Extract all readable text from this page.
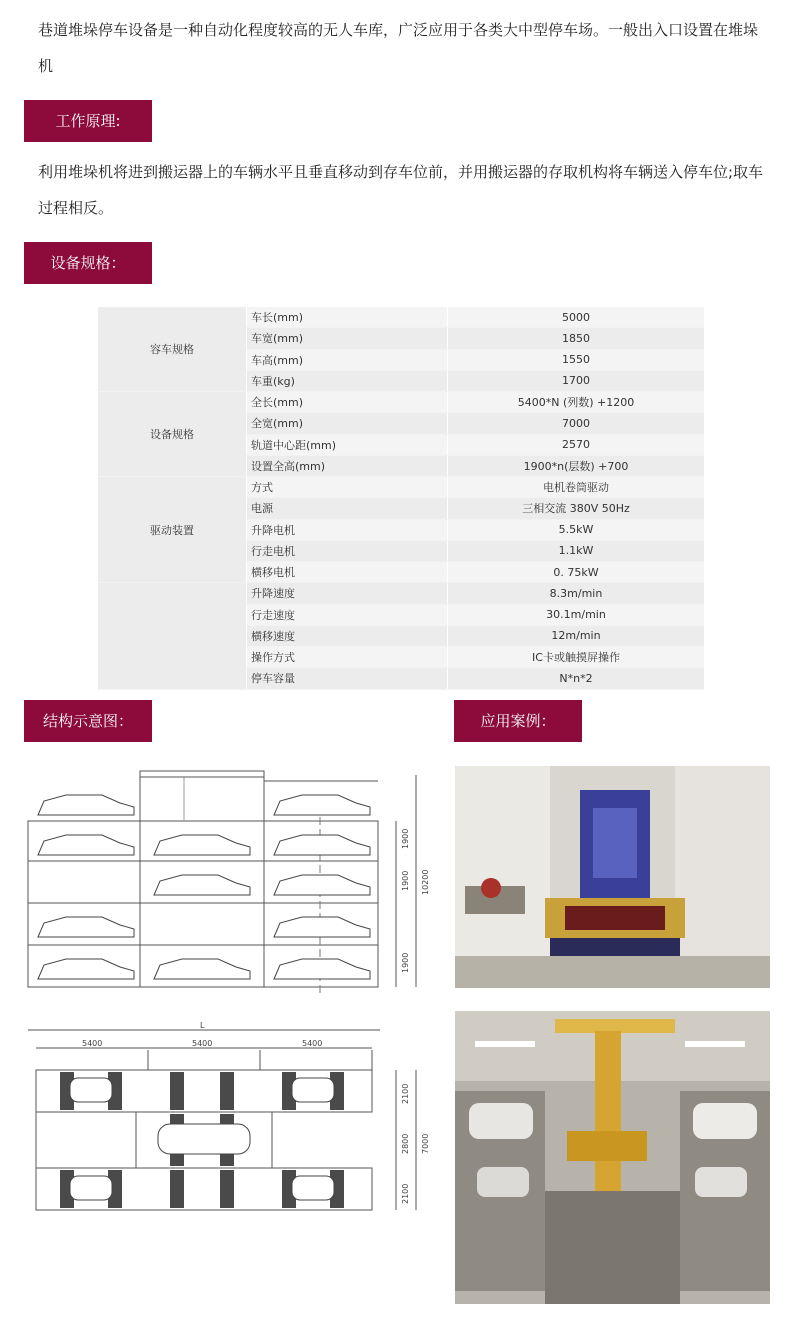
巷道堆垛停车设备是一种自动化程度较高的无人车库，广泛应用于各类大中型停车场。一般出入口设置在堆垛机
工作原理:
利用堆垛机将进到搬运器上的车辆水平且垂直移动到存车位前，并用搬运器的存取机构将车辆送入停车位;取车过程相反。
设备规格：
容车规格	车长(mm)	5000
	车宽(mm)	1850
	车高(mm)	1550
	车重(kg)	1700
设备规格	全长(mm)	5400*N (列数) +1200
	全宽(mm)	7000
	轨道中心距(mm)	2570
	设置全高(mm)	1900*n(层数) +700
驱动装置	方式	电机卷筒驱动
	电源	三相交流 380V 50Hz
	升降电机	5.5kW
	行走电机	1.1kW
	横移电机	0. 75kW
	升降速度	8.3m/min
	行走速度	30.1m/min
	横移速度	12m/min
	操作方式	IC卡或触摸屏操作
	停车容量	N*n*2
结构示意图：	应用案例：
1900
1900
1900
10200
L
5400	5400	5400
2100
2800
2100
7000
